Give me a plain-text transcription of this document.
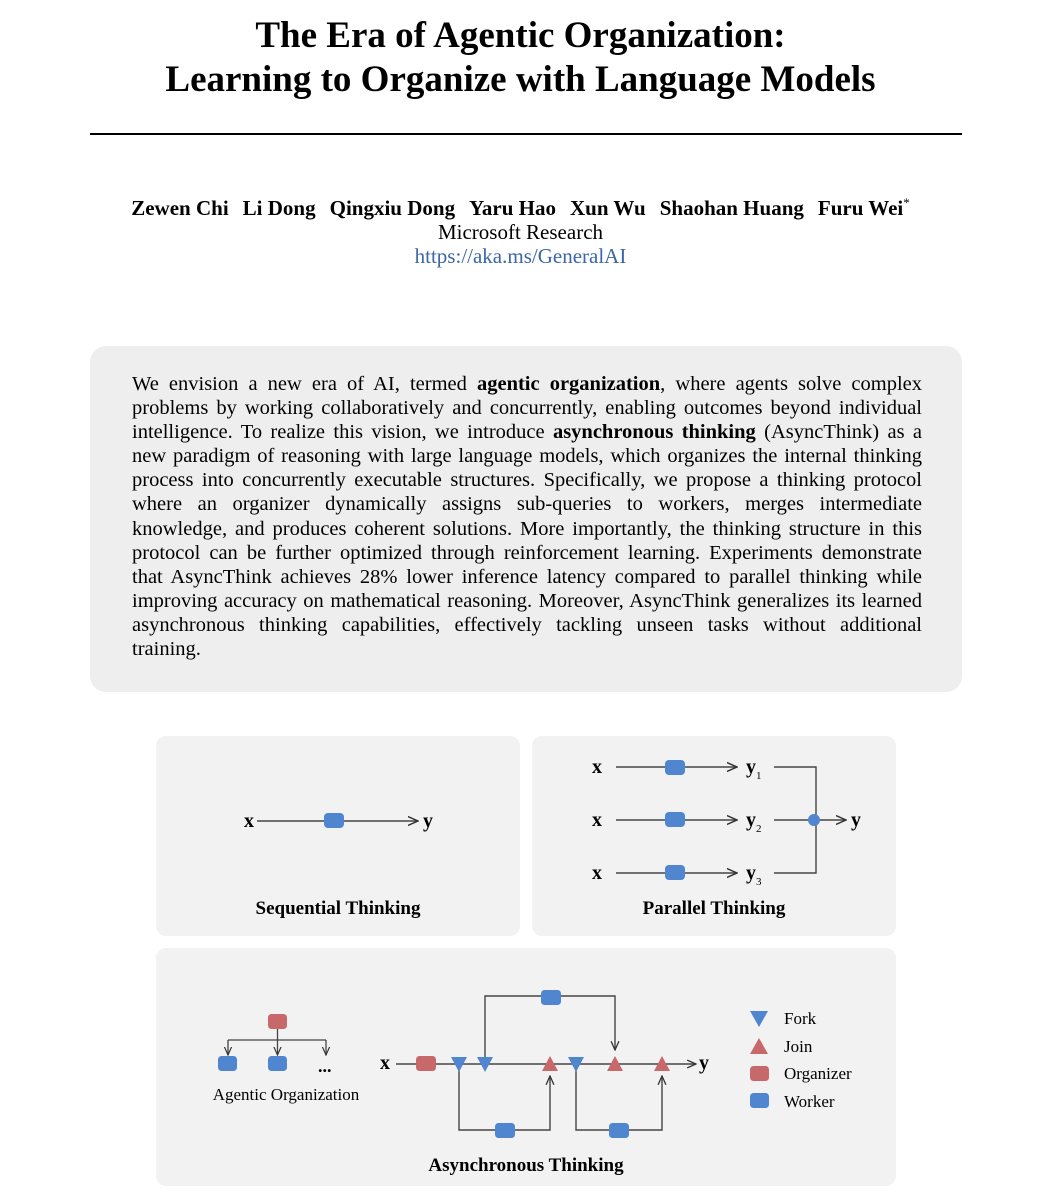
The Era of Agentic Organization:
Learning to Organize with Language Models
Zewen Chi Li Dong Qingxiu Dong Yaru Hao Xun Wu Shaohan Huang Furu Wei*
Microsoft Research
https://aka.ms/GeneralAI
We envision a new era of AI, termed agentic organization, where agents solve complex problems by working collaboratively and concurrently, enabling outcomes beyond individual intelligence. To realize this vision, we introduce asynchronous thinking (AsyncThink) as a new paradigm of reasoning with large language models, which organizes the internal thinking process into concurrently executable structures. Specifically, we propose a thinking protocol where an organizer dynamically assigns sub-queries to workers, merges intermediate knowledge, and produces coherent solutions. More importantly, the thinking structure in this protocol can be further optimized through reinforcement learning. Experiments demonstrate that AsyncThink achieves 28% lower inference latency compared to parallel thinking while improving accuracy on mathematical reasoning. Moreover, AsyncThink generalizes its learned asynchronous thinking capabilities, effectively tackling unseen tasks without additional training.
x	y
Sequential Thinking
x	$y_1$
x	$y_2$
x	$y_3$
y
Parallel Thinking
...
Agentic Organization
x	y
Fork
Join
Organizer
Worker
Asynchronous Thinking
